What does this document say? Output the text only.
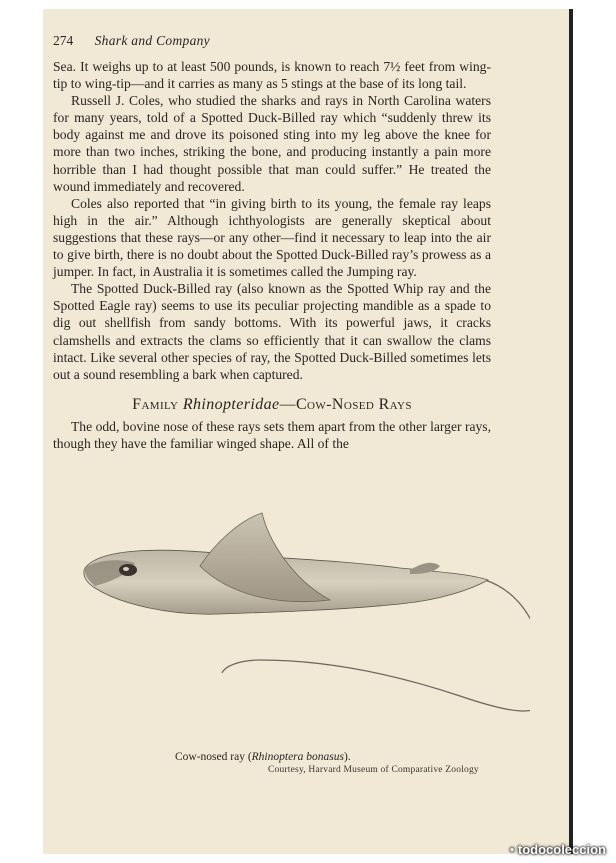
274 Shark and Company

Sea. It weighs up to at least 500 pounds, is known to reach 7½ feet from wing-tip to wing-tip—and it carries as many as 5 stings at the base of its long tail.

Russell J. Coles, who studied the sharks and rays in North Carolina waters for many years, told of a Spotted Duck-Billed ray which “suddenly threw its body against me and drove its poisoned sting into my leg above the knee for more than two inches, striking the bone, and producing instantly a pain more horrible than I had thought possible that man could suffer.” He treated the wound immediately and recovered.

Coles also reported that “in giving birth to its young, the female ray leaps high in the air.” Although ichthyologists are generally skeptical about suggestions that these rays—or any other—find it necessary to leap into the air to give birth, there is no doubt about the Spotted Duck-Billed ray’s prowess as a jumper. In fact, in Australia it is sometimes called the Jumping ray.

The Spotted Duck-Billed ray (also known as the Spotted Whip ray and the Spotted Eagle ray) seems to use its peculiar projecting mandible as a spade to dig out shellfish from sandy bottoms. With its powerful jaws, it cracks clamshells and extracts the clams so efficiently that it can swallow the clams intact. Like several other species of ray, the Spotted Duck-Billed sometimes lets out a sound resembling a bark when captured.

Family Rhinopteridae—Cow-Nosed Rays

The odd, bovine nose of these rays sets them apart from the other larger rays, though they have the familiar winged shape. All of the

Cow-nosed ray (Rhinoptera bonasus).
Courtesy, Harvard Museum of Comparative Zoology
• todocoleccion
